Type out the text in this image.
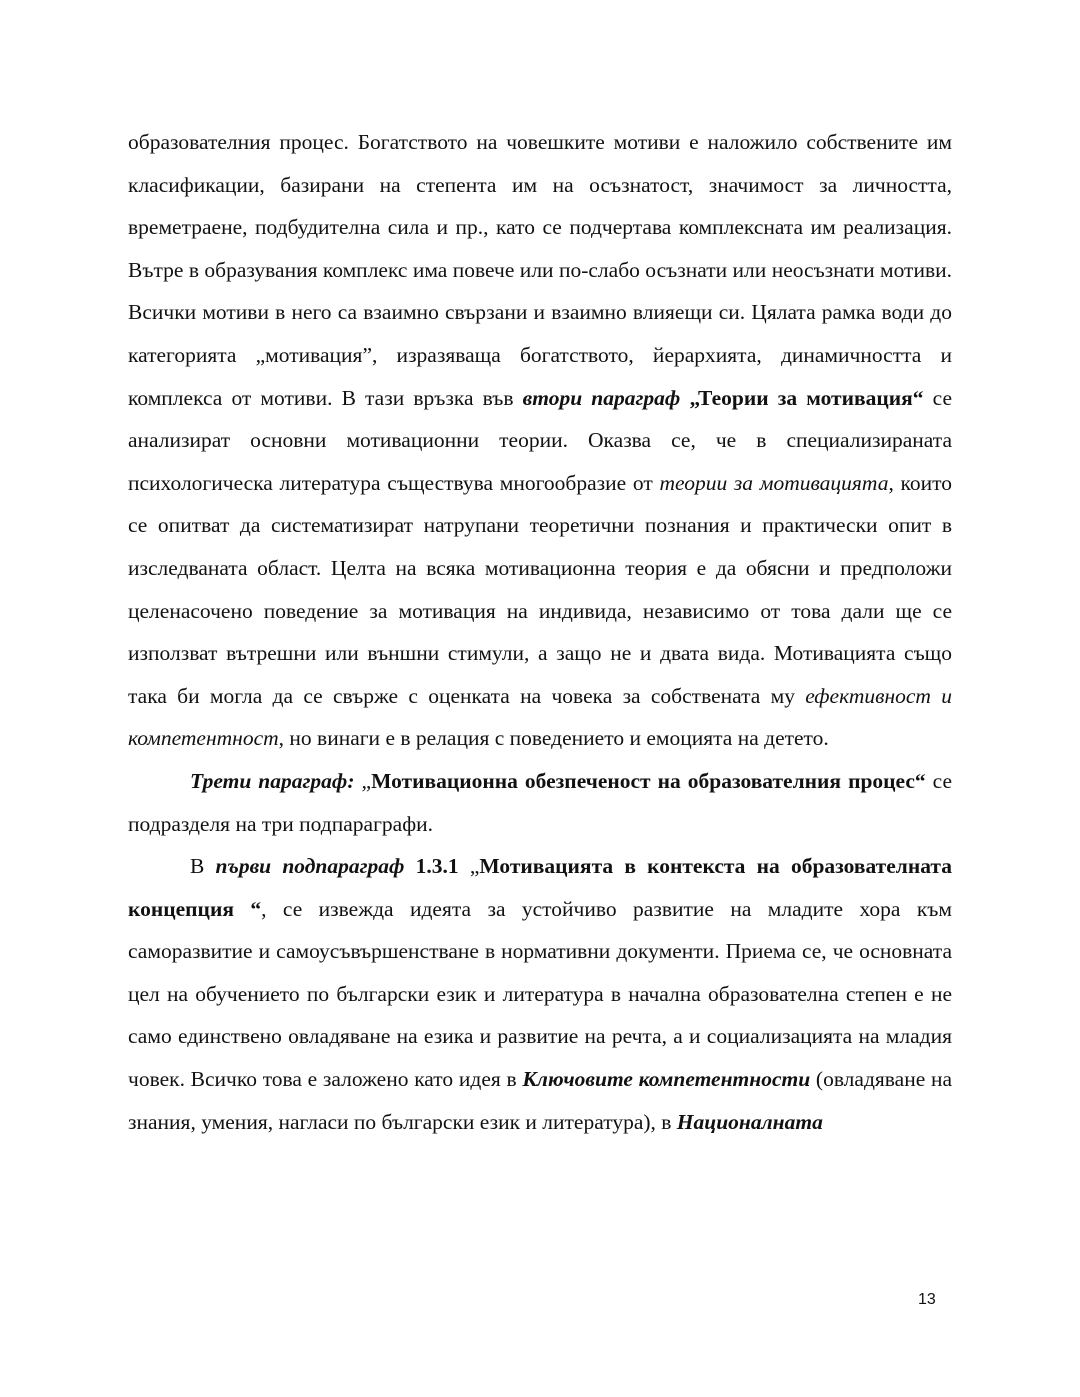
образователния процес. Богатството на човешките мотиви е наложило собствените им класификации, базирани на степента им на осъзнатост, значимост за личността, времетраене, подбудителна сила и пр., като се подчертава комплексната им реализация. Вътре в образувания комплекс има повече или по-слабо осъзнати или неосъзнати мотиви. Всички мотиви в него са взаимно свързани и взаимно влияещи си. Цялата рамка води до категорията „мотивация”, изразяваща богатството, йерархията, динамичността и комплекса от мотиви. В тази връзка във втори параграф „Теории за мотивация“ се анализират основни мотивационни теории. Оказва се, че в специализираната психологическа литература съществува многообразие от теории за мотивацията, които се опитват да систематизират натрупани теоретични познания и практически опит в изследваната област. Целта на всяка мотивационна теория е да обясни и предположи целенасочено поведение за мотивация на индивида, независимо от това дали ще се използват вътрешни или външни стимули, а защо не и двата вида. Мотивацията също така би могла да се свърже с оценката на човека за собствената му ефективност и компетентност, но винаги е в релация с поведението и емоцията на детето.

Трети параграф: „Мотивационна обезпеченост на образователния процес“ се подразделя на три подпараграфи.

В първи подпараграф 1.3.1 „Мотивацията в контекста на образователната концепция “, се извежда идеята за устойчиво развитие на младите хора към саморазвитие и самоусъвършенстване в нормативни документи. Приема се, че основната цел на обучението по български език и литература в начална образователна степен е не само единствено овладяване на езика и развитие на речта, а и социализацията на младия човек. Всичко това е заложено като идея в Ключовите компетентности (овладяване на знания, умения, нагласи по български език и литература), в Националната

13
